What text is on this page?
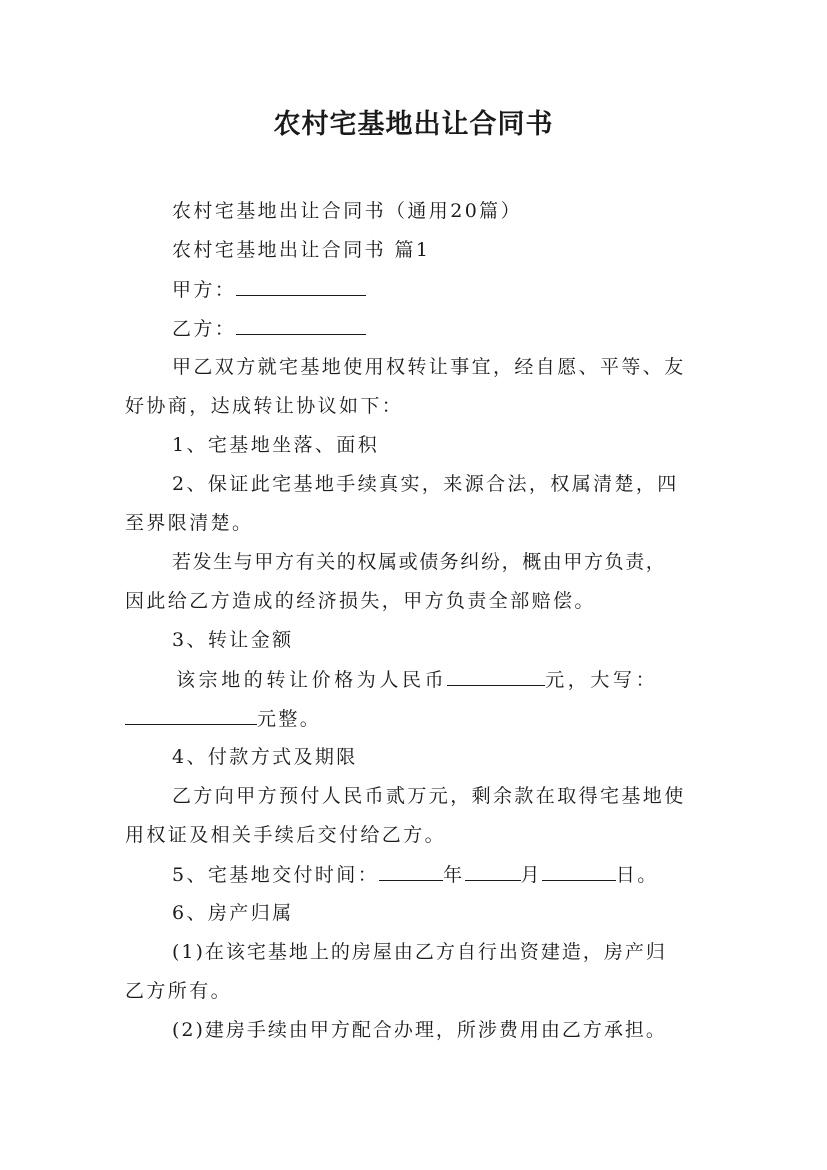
农村宅基地出让合同书
农村宅基地出让合同书（通用20篇）
农村宅基地出让合同书 篇1
甲方：
乙方：
甲乙双方就宅基地使用权转让事宜，经自愿、平等、友
好协商，达成转让协议如下：
1、宅基地坐落、面积
2、保证此宅基地手续真实，来源合法，权属清楚，四
至界限清楚。
若发生与甲方有关的权属或债务纠纷，概由甲方负责，
因此给乙方造成的经济损失，甲方负责全部赔偿。
3、转让金额
该宗地的转让价格为人民币	元，大写：
元整。
4、付款方式及期限
乙方向甲方预付人民币贰万元，剩余款在取得宅基地使
用权证及相关手续后交付给乙方。
5、宅基地交付时间：	年	月	日。
6、房产归属
(1)在该宅基地上的房屋由乙方自行出资建造，房产归
乙方所有。
(2)建房手续由甲方配合办理，所涉费用由乙方承担。
